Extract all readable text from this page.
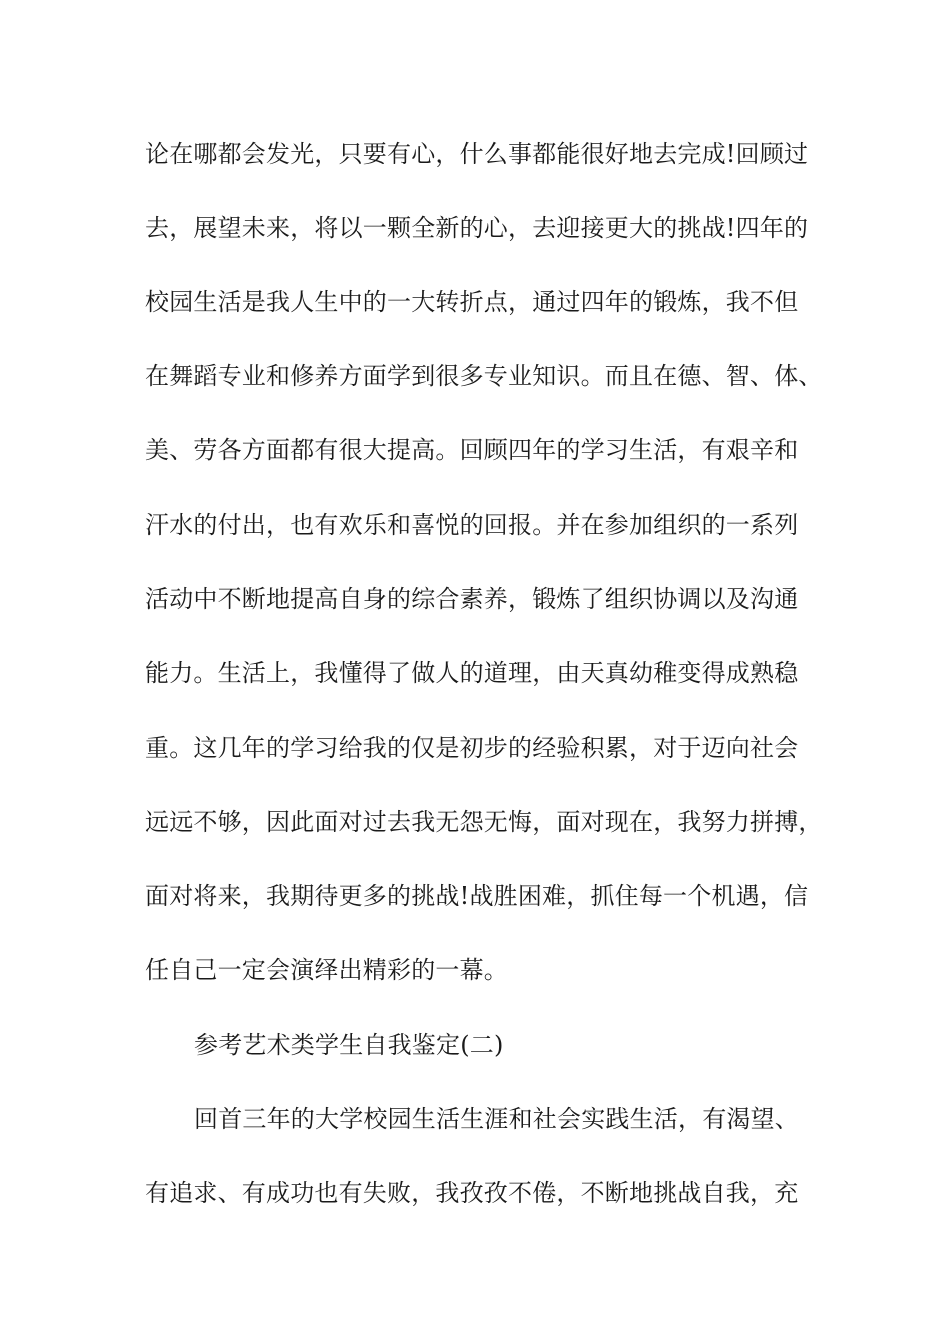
论在哪都会发光，只要有心，什么事都能很好地去完成!回顾过
去，展望未来，将以一颗全新的心，去迎接更大的挑战!四年的
校园生活是我人生中的一大转折点，通过四年的锻炼，我不但
在舞蹈专业和修养方面学到很多专业知识。而且在德、智、体、
美、劳各方面都有很大提高。回顾四年的学习生活，有艰辛和
汗水的付出，也有欢乐和喜悦的回报。并在参加组织的一系列
活动中不断地提高自身的综合素养，锻炼了组织协调以及沟通
能力。生活上，我懂得了做人的道理，由天真幼稚变得成熟稳
重。这几年的学习给我的仅是初步的经验积累，对于迈向社会
远远不够，因此面对过去我无怨无悔，面对现在，我努力拼搏，
面对将来，我期待更多的挑战!战胜困难，抓住每一个机遇，信
任自己一定会演绎出精彩的一幕。
参考艺术类学生自我鉴定(二)
回首三年的大学校园生活生涯和社会实践生活，有渴望、
有追求、有成功也有失败，我孜孜不倦，不断地挑战自我，充
